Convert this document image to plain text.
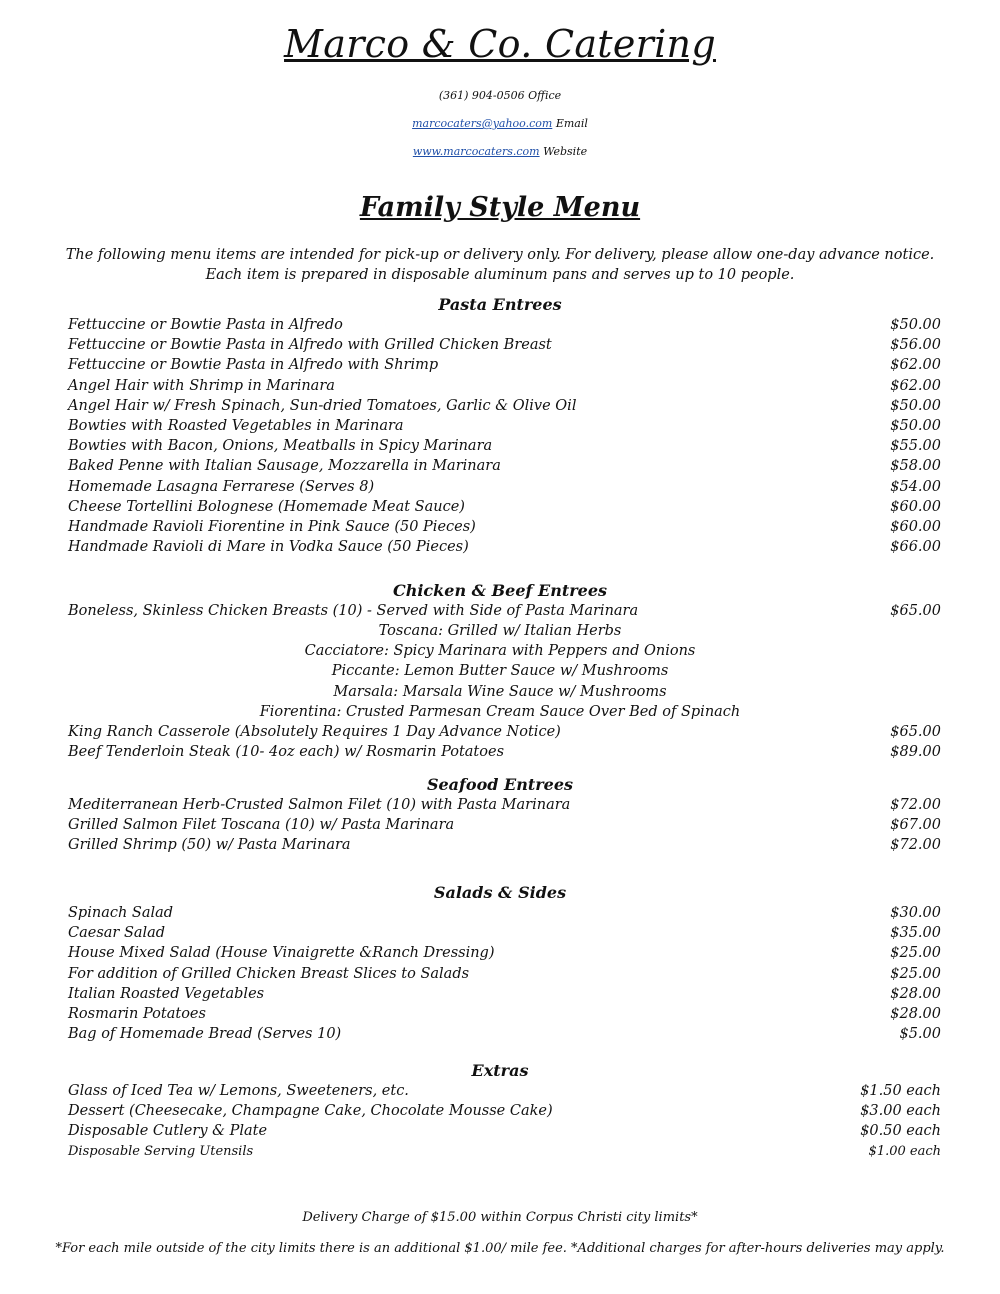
Marco & Co. Catering
(361) 904-0506 Office
marcocaters@yahoo.com Email
www.marcocaters.com Website
Family Style Menu
The following menu items are intended for pick-up or delivery only. For delivery, please allow one-day advance notice. Each item is prepared in disposable aluminum pans and serves up to 10 people.
Pasta Entrees
Fettuccine or Bowtie Pasta in Alfredo	$50.00
Fettuccine or Bowtie Pasta in Alfredo with Grilled Chicken Breast	$56.00
Fettuccine or Bowtie Pasta in Alfredo with Shrimp	$62.00
Angel Hair with Shrimp in Marinara	$62.00
Angel Hair w/ Fresh Spinach, Sun-dried Tomatoes, Garlic & Olive Oil	$50.00
Bowties with Roasted Vegetables in Marinara	$50.00
Bowties with Bacon, Onions, Meatballs in Spicy Marinara	$55.00
Baked Penne with Italian Sausage, Mozzarella in Marinara	$58.00
Homemade Lasagna Ferrarese (Serves 8)	$54.00
Cheese Tortellini Bolognese (Homemade Meat Sauce)	$60.00
Handmade Ravioli Fiorentine in Pink Sauce (50 Pieces)	$60.00
Handmade Ravioli di Mare in Vodka Sauce (50 Pieces)	$66.00
Chicken & Beef Entrees
Boneless, Skinless Chicken Breasts (10) - Served with Side of Pasta Marinara	$65.00
Toscana: Grilled w/ Italian Herbs
Cacciatore: Spicy Marinara with Peppers and Onions
Piccante: Lemon Butter Sauce w/ Mushrooms
Marsala: Marsala Wine Sauce w/ Mushrooms
Fiorentina: Crusted Parmesan Cream Sauce Over Bed of Spinach
King Ranch Casserole (Absolutely Requires 1 Day Advance Notice)	$65.00
Beef Tenderloin Steak (10- 4oz each) w/ Rosmarin Potatoes	$89.00
Seafood Entrees
Mediterranean Herb-Crusted Salmon Filet (10) with Pasta Marinara	$72.00
Grilled Salmon Filet Toscana (10) w/ Pasta Marinara	$67.00
Grilled Shrimp (50) w/ Pasta Marinara	$72.00
Salads & Sides
Spinach Salad	$30.00
Caesar Salad	$35.00
House Mixed Salad (House Vinaigrette &Ranch Dressing)	$25.00
For addition of Grilled Chicken Breast Slices to Salads	$25.00
Italian Roasted Vegetables	$28.00
Rosmarin Potatoes	$28.00
Bag of Homemade Bread (Serves 10)	$5.00
Extras
Glass of Iced Tea w/ Lemons, Sweeteners, etc.	$1.50 each
Dessert (Cheesecake, Champagne Cake, Chocolate Mousse Cake)	$3.00 each
Disposable Cutlery & Plate	$0.50 each
Disposable Serving Utensils	$1.00 each
Delivery Charge of $15.00 within Corpus Christi city limits*
*For each mile outside of the city limits there is an additional $1.00/ mile fee. *Additional charges for after-hours deliveries may apply.
